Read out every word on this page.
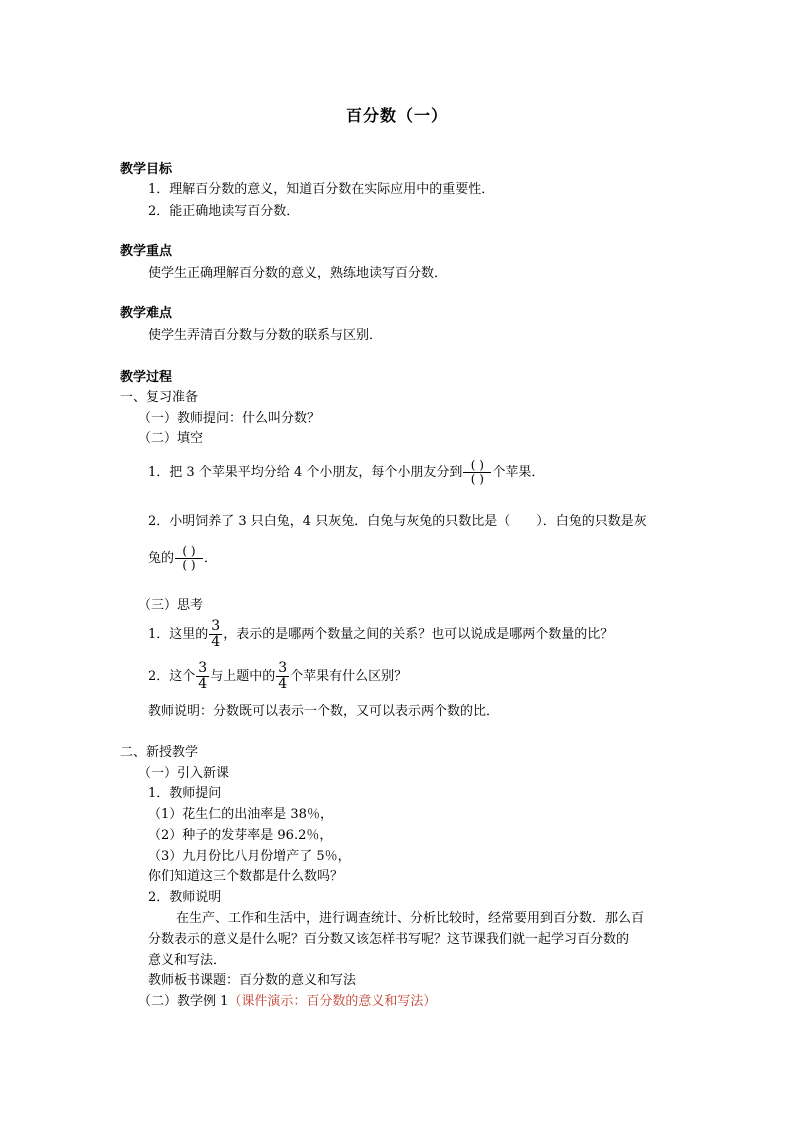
百分数（一）
教学目标
1．理解百分数的意义，知道百分数在实际应用中的重要性．
2．能正确地读写百分数．
教学重点
使学生正确理解百分数的意义，熟练地读写百分数．
教学难点
使学生弄清百分数与分数的联系与区别．
教学过程
一、复习准备
（一）教师提问：什么叫分数？
（二）填空
1．把 3 个苹果平均分给 4 个小朋友，每个小朋友分到 $\frac{( )}{( )}$ 个苹果．
2．小明饲养了 3 只白兔，4 只灰兔．白兔与灰兔的只数比是（　　）．白兔的只数是灰
兔的 $\frac{( )}{( )}$ ．
（三）思考
1．这里的 $\frac{3}{4}$ ，表示的是哪两个数量之间的关系？也可以说成是哪两个数量的比？
2．这个 $\frac{3}{4}$ 与上题中的 $\frac{3}{4}$ 个苹果有什么区别？
教师说明：分数既可以表示一个数，又可以表示两个数的比．
二、新授教学
（一）引入新课
1．教师提问
（1）花生仁的出油率是 38％，
（2）种子的发芽率是 96.2％，
（3）九月份比八月份增产了 5％，
你们知道这三个数都是什么数吗？
2．教师说明
在生产、工作和生活中，进行调查统计、分析比较时，经常要用到百分数．那么百
分数表示的意义是什么呢？百分数又该怎样书写呢？这节课我们就一起学习百分数的
意义和写法．
教师板书课题：百分数的意义和写法
（二）教学例 1（课件演示：百分数的意义和写法）
